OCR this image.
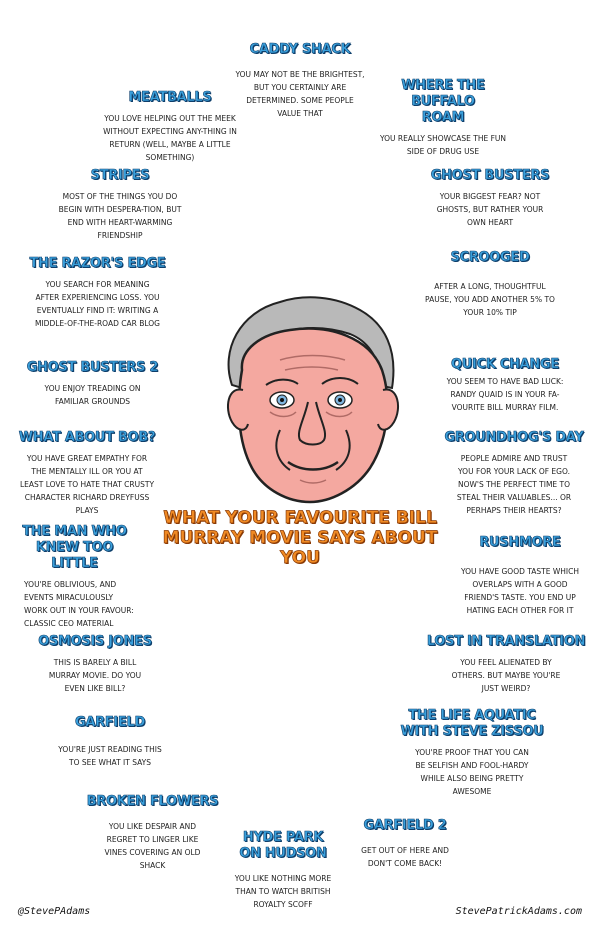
CADDY SHACK
YOU MAY NOT BE THE BRIGHTEST, BUT YOU CERTAINLY ARE DETERMINED. SOME PEOPLE VALUE THAT
MEATBALLS
YOU LOVE HELPING OUT THE MEEK WITHOUT EXPECTING ANY-THING IN RETURN (WELL, MAYBE A LITTLE SOMETHING)
WHERE THE BUFFALO ROAM
YOU REALLY SHOWCASE THE FUN SIDE OF DRUG USE
STRIPES
MOST OF THE THINGS YOU DO BEGIN WITH DESPERA-TION, BUT END WITH HEART-WARMING FRIENDSHIP
GHOST BUSTERS
YOUR BIGGEST FEAR? NOT GHOSTS, BUT RATHER YOUR OWN HEART
THE RAZOR'S EDGE
YOU SEARCH FOR MEANING AFTER EXPERIENCING LOSS. YOU EVENTUALLY FIND IT: WRITING A MIDDLE-OF-THE-ROAD CAR BLOG
SCROOGED
AFTER A LONG, THOUGHTFUL PAUSE, YOU ADD ANOTHER 5% TO YOUR 10% TIP
GHOST BUSTERS 2
YOU ENJOY TREADING ON FAMILIAR GROUNDS
QUICK CHANGE
YOU SEEM TO HAVE BAD LUCK: RANDY QUAID IS IN YOUR FA-VOURITE BILL MURRAY FILM.
WHAT ABOUT BOB?
YOU HAVE GREAT EMPATHY FOR THE MENTALLY ILL OR YOU AT LEAST LOVE TO HATE THAT CRUSTY CHARACTER RICHARD DREYFUSS PLAYS
GROUNDHOG'S DAY
PEOPLE ADMIRE AND TRUST YOU FOR YOUR LACK OF EGO. NOW'S THE PERFECT TIME TO STEAL THEIR VALUABLES... OR PERHAPS THEIR HEARTS?
THE MAN WHO KNEW TOO LITTLE
YOU'RE OBLIVIOUS, AND EVENTS MIRACULOUSLY WORK OUT IN YOUR FAVOUR: CLASSIC CEO MATERIAL
RUSHMORE
YOU HAVE GOOD TASTE WHICH OVERLAPS WITH A GOOD FRIEND'S TASTE. YOU END UP HATING EACH OTHER FOR IT
OSMOSIS JONES
THIS IS BARELY A BILL MURRAY MOVIE. DO YOU EVEN LIKE BILL?
LOST IN TRANSLATION
YOU FEEL ALIENATED BY OTHERS. BUT MAYBE YOU'RE JUST WEIRD?
GARFIELD
YOU'RE JUST READING THIS TO SEE WHAT IT SAYS
THE LIFE AQUATIC WITH STEVE ZISSOU
YOU'RE PROOF THAT YOU CAN BE SELFISH AND FOOL-HARDY WHILE ALSO BEING PRETTY AWESOME
BROKEN FLOWERS
YOU LIKE DESPAIR AND REGRET TO LINGER LIKE VINES COVERING AN OLD SHACK
GARFIELD 2
GET OUT OF HERE AND DON'T COME BACK!
HYDE PARK ON HUDSON
YOU LIKE NOTHING MORE THAN TO WATCH BRITISH ROYALTY SCOFF
WHAT YOUR FAVOURITE BILL MURRAY MOVIE SAYS ABOUT YOU
@StevePAdams	StevePatrickAdams.com
